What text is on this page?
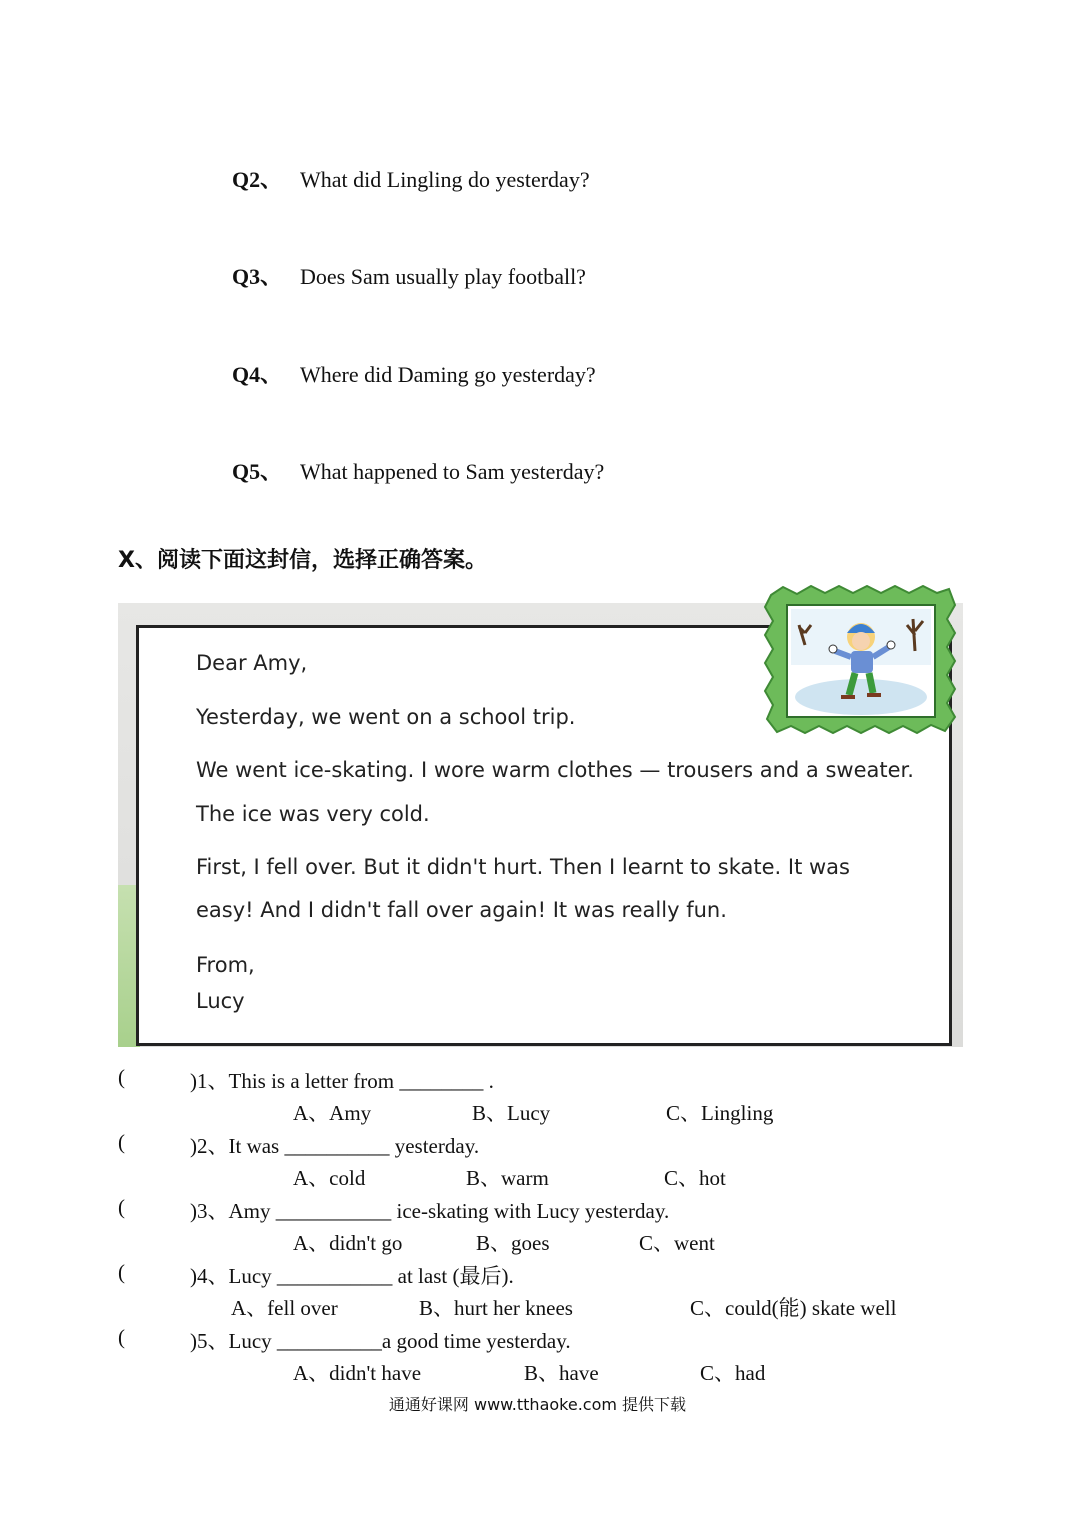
Q2、 What did Lingling do yesterday?
Q3、 Does Sam usually play football?
Q4、 Where did Daming go yesterday?
Q5、 What happened to Sam yesterday?
X、阅读下面这封信，选择正确答案。
Dear Amy,
Yesterday, we went on a school trip.
We went ice-skating. I wore warm clothes — trousers and a sweater.
The ice was very cold.
First, I fell over. But it didn't hurt. Then I learnt to skate. It was
easy! And I didn't fall over again! It was really fun.
From,
Lucy
(	)1、This is a letter from ________ .
A、Amy	B、Lucy	C、Lingling
(	)2、It was __________ yesterday.
A、cold	B、warm	C、hot
(	)3、Amy ___________ ice-skating with Lucy yesterday.
A、didn't go	B、goes	C、went
(	)4、Lucy ___________ at last (最后).
A、fell over	B、hurt her knees	C、could(能) skate well
(	)5、Lucy __________a good time yesterday.
A、didn't have	B、have	C、had
通通好课网 www.tthaoke.com 提供下载
